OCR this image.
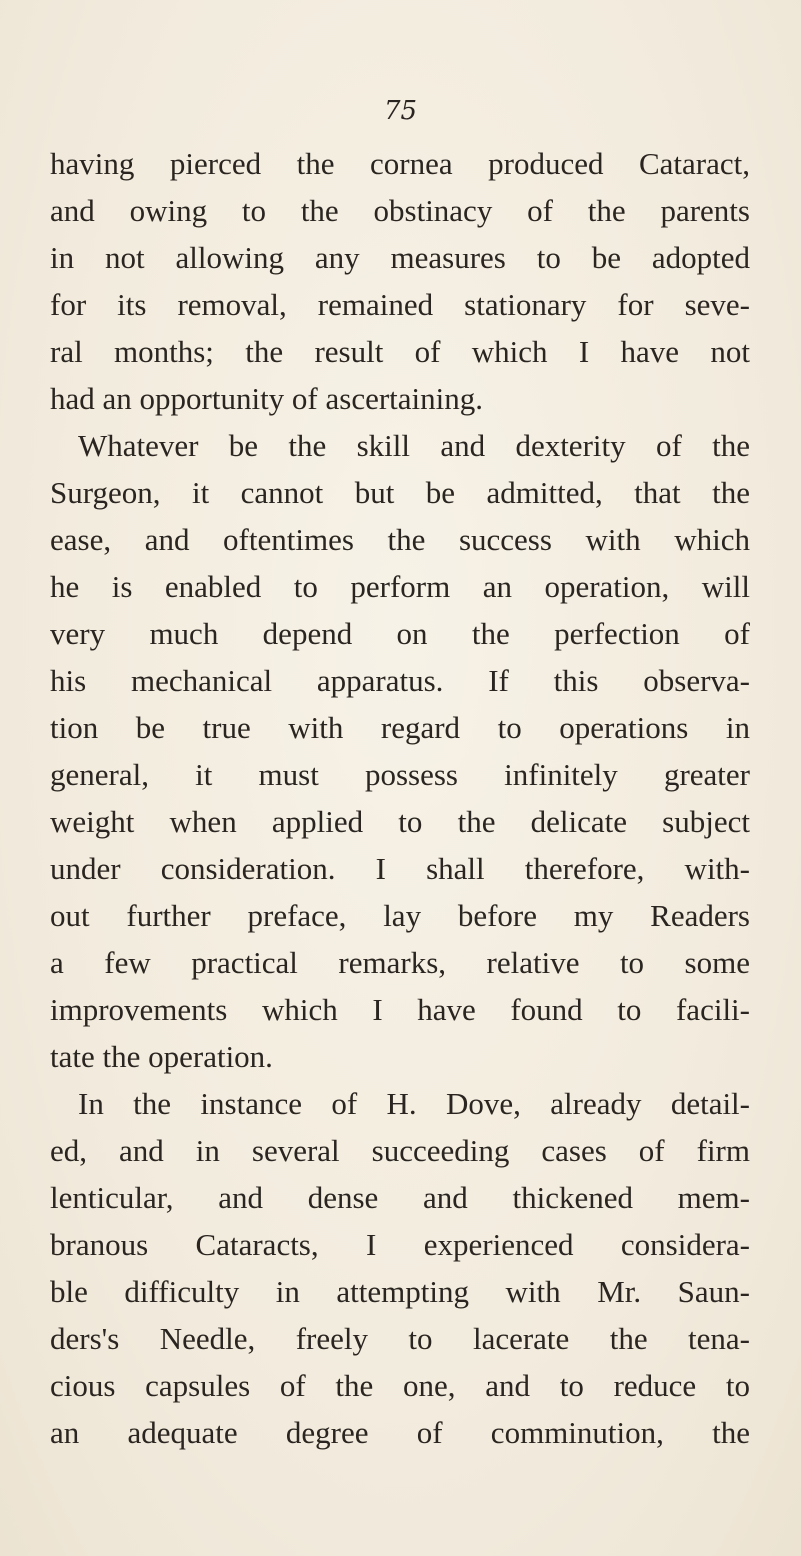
75
having pierced the cornea produced Cataract,
and owing to the obstinacy of the parents
in not allowing any measures to be adopted
for its removal, remained stationary for seve-
ral months; the result of which I have not
had an opportunity of ascertaining.
Whatever be the skill and dexterity of the
Surgeon, it cannot but be admitted, that the
ease, and oftentimes the success with which
he is enabled to perform an operation, will
very much depend on the perfection of
his mechanical apparatus. If this observa-
tion be true with regard to operations in
general, it must possess infinitely greater
weight when applied to the delicate subject
under consideration. I shall therefore, with-
out further preface, lay before my Readers
a few practical remarks, relative to some
improvements which I have found to facili-
tate the operation.
In the instance of H. Dove, already detail-
ed, and in several succeeding cases of firm
lenticular, and dense and thickened mem-
branous Cataracts, I experienced considera-
ble difficulty in attempting with Mr. Saun-
ders's Needle, freely to lacerate the tena-
cious capsules of the one, and to reduce to
an adequate degree of comminution, the
